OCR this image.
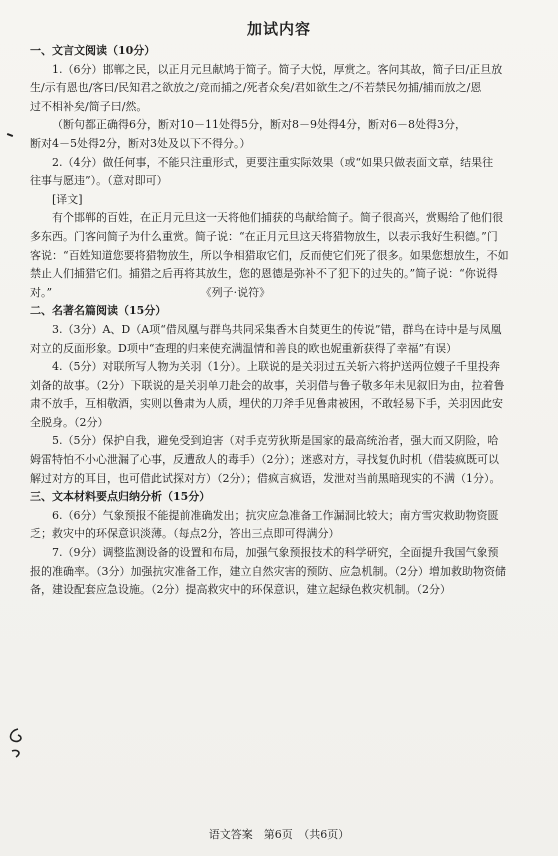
加试内容
一、文言文阅读（10分）
1.（6分）邯郸之民，以正月元旦献鸠于简子。简子大悦，厚赏之。客问其故，简子曰/正旦放
生/示有恩也/客曰/民知君之欲放之/竞而捕之/死者众矣/君如欲生之/不若禁民勿捕/捕而放之/恩
过不相补矣/简子曰/然。
（断句都正确得6分，断对10－11处得5分，断对8－9处得4分，断对6－8处得3分，
断对4－5处得2分，断对3处及以下不得分。）
2.（4分）做任何事，不能只注重形式，更要注重实际效果（或“如果只做表面文章，结果往
往事与愿违”）。（意对即可）
[译文]
有个邯郸的百姓，在正月元旦这一天将他们捕获的鸟献给简子。简子很高兴，赏赐给了他们很
多东西。门客问简子为什么重赏。简子说：“在正月元旦这天将猎物放生，以表示我好生积德。”门
客说：“百姓知道您要将猎物放生，所以争相猎取它们，反而使它们死了很多。如果您想放生，不如
禁止人们捕猎它们。捕猎之后再将其放生，您的恩德是弥补不了犯下的过失的。”简子说：“你说得
对。”　　　　　　　　　　　　　　《列子·说符》
二、名著名篇阅读（15分）
3.（3分）A、D（A项“借凤凰与群鸟共同采集香木自焚更生的传说”错，群鸟在诗中是与凤凰
对立的反面形象。D项中“查理的归来使充满温情和善良的欧也妮重新获得了幸福”有误）
4.（5分）对联所写人物为关羽（1分）。上联说的是关羽过五关斩六将护送两位嫂子千里投奔
刘备的故事。（2分）下联说的是关羽单刀赴会的故事，关羽借与鲁子敬多年未见叙旧为由，拉着鲁
肃不放手，互相敬酒，实则以鲁肃为人质，埋伏的刀斧手见鲁肃被困，不敢轻易下手，关羽因此安
全脱身。（2分）
5.（5分）保护自我，避免受到迫害（对手克劳狄斯是国家的最高统治者，强大而又阴险，哈
姆雷特怕不小心泄漏了心事，反遭敌人的毒手）（2分）；迷惑对方，寻找复仇时机（借装疯既可以
解过对方的耳目，也可借此试探对方）（2分）；借疯言疯语，发泄对当前黑暗现实的不满（1分）。
三、文本材料要点归纳分析（15分）
6.（6分）气象预报不能提前准确发出；抗灾应急准备工作漏洞比较大；南方雪灾救助物资匮
乏；救灾中的环保意识淡薄。（每点2分，答出三点即可得满分）
7.（9分）调整监测设备的设置和布局，加强气象预报技术的科学研究，全面提升我国气象预
报的准确率。（3分）加强抗灾准备工作，建立自然灾害的预防、应急机制。（2分）增加救助物资储
备，建设配套应急设施。（2分）提高救灾中的环保意识，建立起绿色救灾机制。（2分）
语文答案　第6页　（共6页）
